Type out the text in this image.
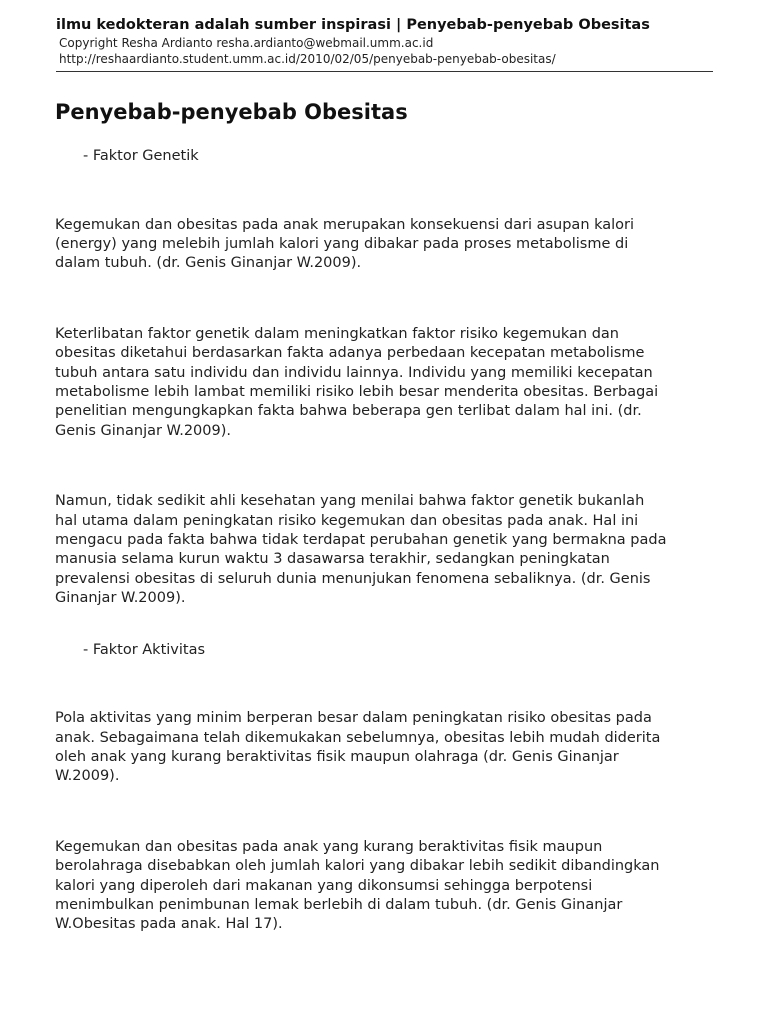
ilmu kedokteran adalah sumber inspirasi | Penyebab-penyebab Obesitas
Copyright Resha Ardianto resha.ardianto@webmail.umm.ac.id
http://reshaardianto.student.umm.ac.id/2010/02/05/penyebab-penyebab-obesitas/
Penyebab-penyebab Obesitas
- Faktor Genetik

Kegemukan dan obesitas pada anak merupakan konsekuensi dari asupan kalori
(energy) yang melebih jumlah kalori yang dibakar pada proses metabolisme di
dalam tubuh. (dr. Genis Ginanjar W.2009).

Keterlibatan faktor genetik dalam meningkatkan faktor risiko kegemukan dan
obesitas diketahui berdasarkan fakta adanya perbedaan kecepatan metabolisme
tubuh antara satu individu dan individu lainnya. Individu yang memiliki kecepatan
metabolisme lebih lambat memiliki risiko lebih besar menderita obesitas. Berbagai
penelitian mengungkapkan fakta bahwa beberapa gen terlibat dalam hal ini. (dr.
Genis Ginanjar W.2009).

Namun, tidak sedikit ahli kesehatan yang menilai bahwa faktor genetik bukanlah
hal utama dalam peningkatan risiko kegemukan dan obesitas pada anak. Hal ini
mengacu pada fakta bahwa tidak terdapat perubahan genetik yang bermakna pada
manusia selama kurun waktu 3 dasawarsa terakhir, sedangkan peningkatan
prevalensi obesitas di seluruh dunia menunjukan fenomena sebaliknya. (dr. Genis
Ginanjar W.2009).

- Faktor Aktivitas

Pola aktivitas yang minim berperan besar dalam peningkatan risiko obesitas pada
anak. Sebagaimana telah dikemukakan sebelumnya, obesitas lebih mudah diderita
oleh anak yang kurang beraktivitas fisik maupun olahraga (dr. Genis Ginanjar
W.2009).

Kegemukan dan obesitas pada anak yang kurang beraktivitas fisik maupun
berolahraga disebabkan oleh jumlah kalori yang dibakar lebih sedikit dibandingkan
kalori yang diperoleh dari makanan yang dikonsumsi sehingga berpotensi
menimbulkan penimbunan lemak berlebih di dalam tubuh. (dr. Genis Ginanjar
W.Obesitas pada anak. Hal 17).
